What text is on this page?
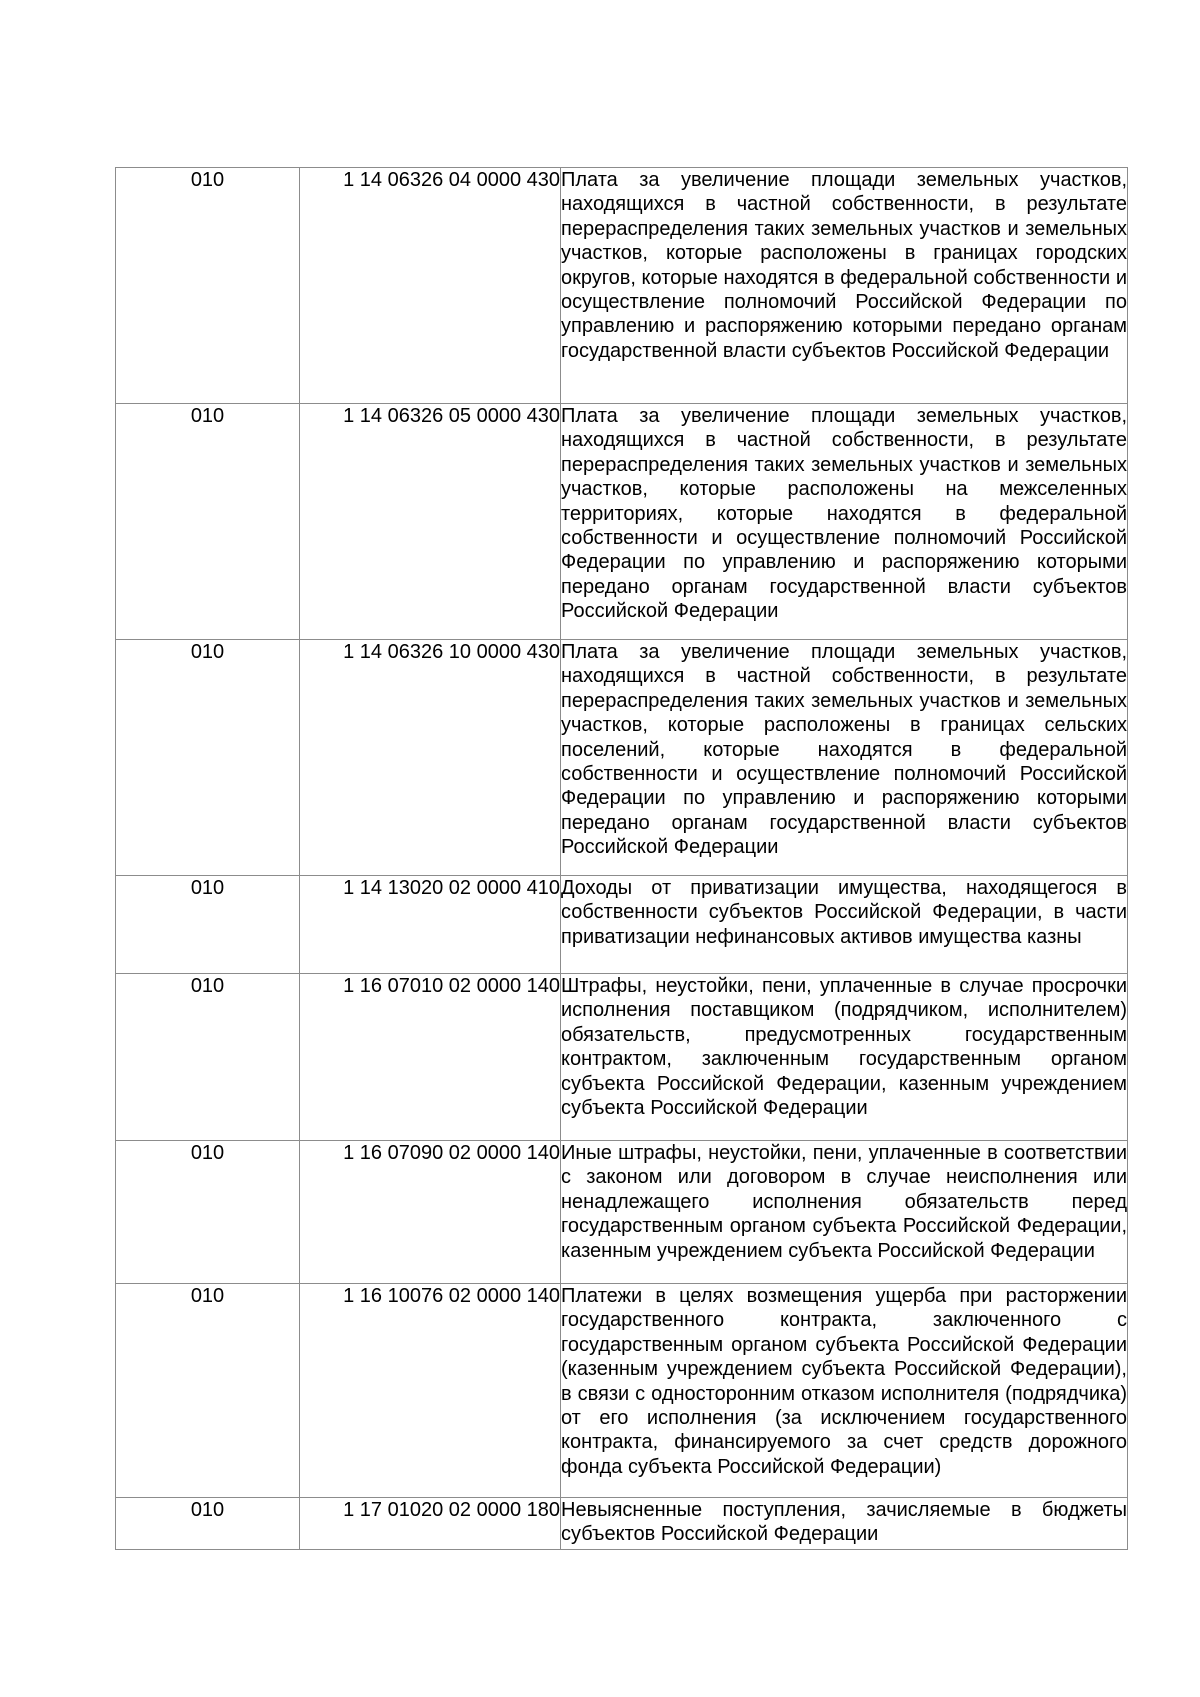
010	1 14 06326 04 0000 430	Плата за увеличение площади земельных участков, находящихся в частной собственности, в результате перераспределения таких земельных участков и земельных участков, которые расположены в границах городских округов, которые находятся в федеральной собственности и осуществление полномочий Российской Федерации по управлению и распоряжению которыми передано органам государственной власти субъектов Российской Федерации

010	1 14 06326 05 0000 430	Плата за увеличение площади земельных участков, находящихся в частной собственности, в результате перераспределения таких земельных участков и земельных участков, которые расположены на межселенных территориях, которые находятся в федеральной собственности и осуществление полномочий Российской Федерации по управлению и распоряжению которыми передано органам государственной власти субъектов Российской Федерации

010	1 14 06326 10 0000 430	Плата за увеличение площади земельных участков, находящихся в частной собственности, в результате перераспределения таких земельных участков и земельных участков, которые расположены в границах сельских поселений, которые находятся в федеральной собственности и осуществление полномочий Российской Федерации по управлению и распоряжению которыми передано органам государственной власти субъектов Российской Федерации

010	1 14 13020 02 0000 410	Доходы от приватизации имущества, находящегося в собственности субъектов Российской Федерации, в части приватизации нефинансовых активов имущества казны

010	1 16 07010 02 0000 140	Штрафы, неустойки, пени, уплаченные в случае просрочки исполнения поставщиком (подрядчиком, исполнителем) обязательств, предусмотренных государственным контрактом, заключенным государственным органом субъекта Российской Федерации, казенным учреждением субъекта Российской Федерации

010	1 16 07090 02 0000 140	Иные штрафы, неустойки, пени, уплаченные в соответствии с законом или договором в случае неисполнения или ненадлежащего исполнения обязательств перед государственным органом субъекта Российской Федерации, казенным учреждением субъекта Российской Федерации

010	1 16 10076 02 0000 140	Платежи в целях возмещения ущерба при расторжении государственного контракта, заключенного с государственным органом субъекта Российской Федерации (казенным учреждением субъекта Российской Федерации), в связи с односторонним отказом исполнителя (подрядчика) от его исполнения (за исключением государственного контракта, финансируемого за счет средств дорожного фонда субъекта Российской Федерации)

010	1 17 01020 02 0000 180	Невыясненные поступления, зачисляемые в бюджеты субъектов Российской Федерации
